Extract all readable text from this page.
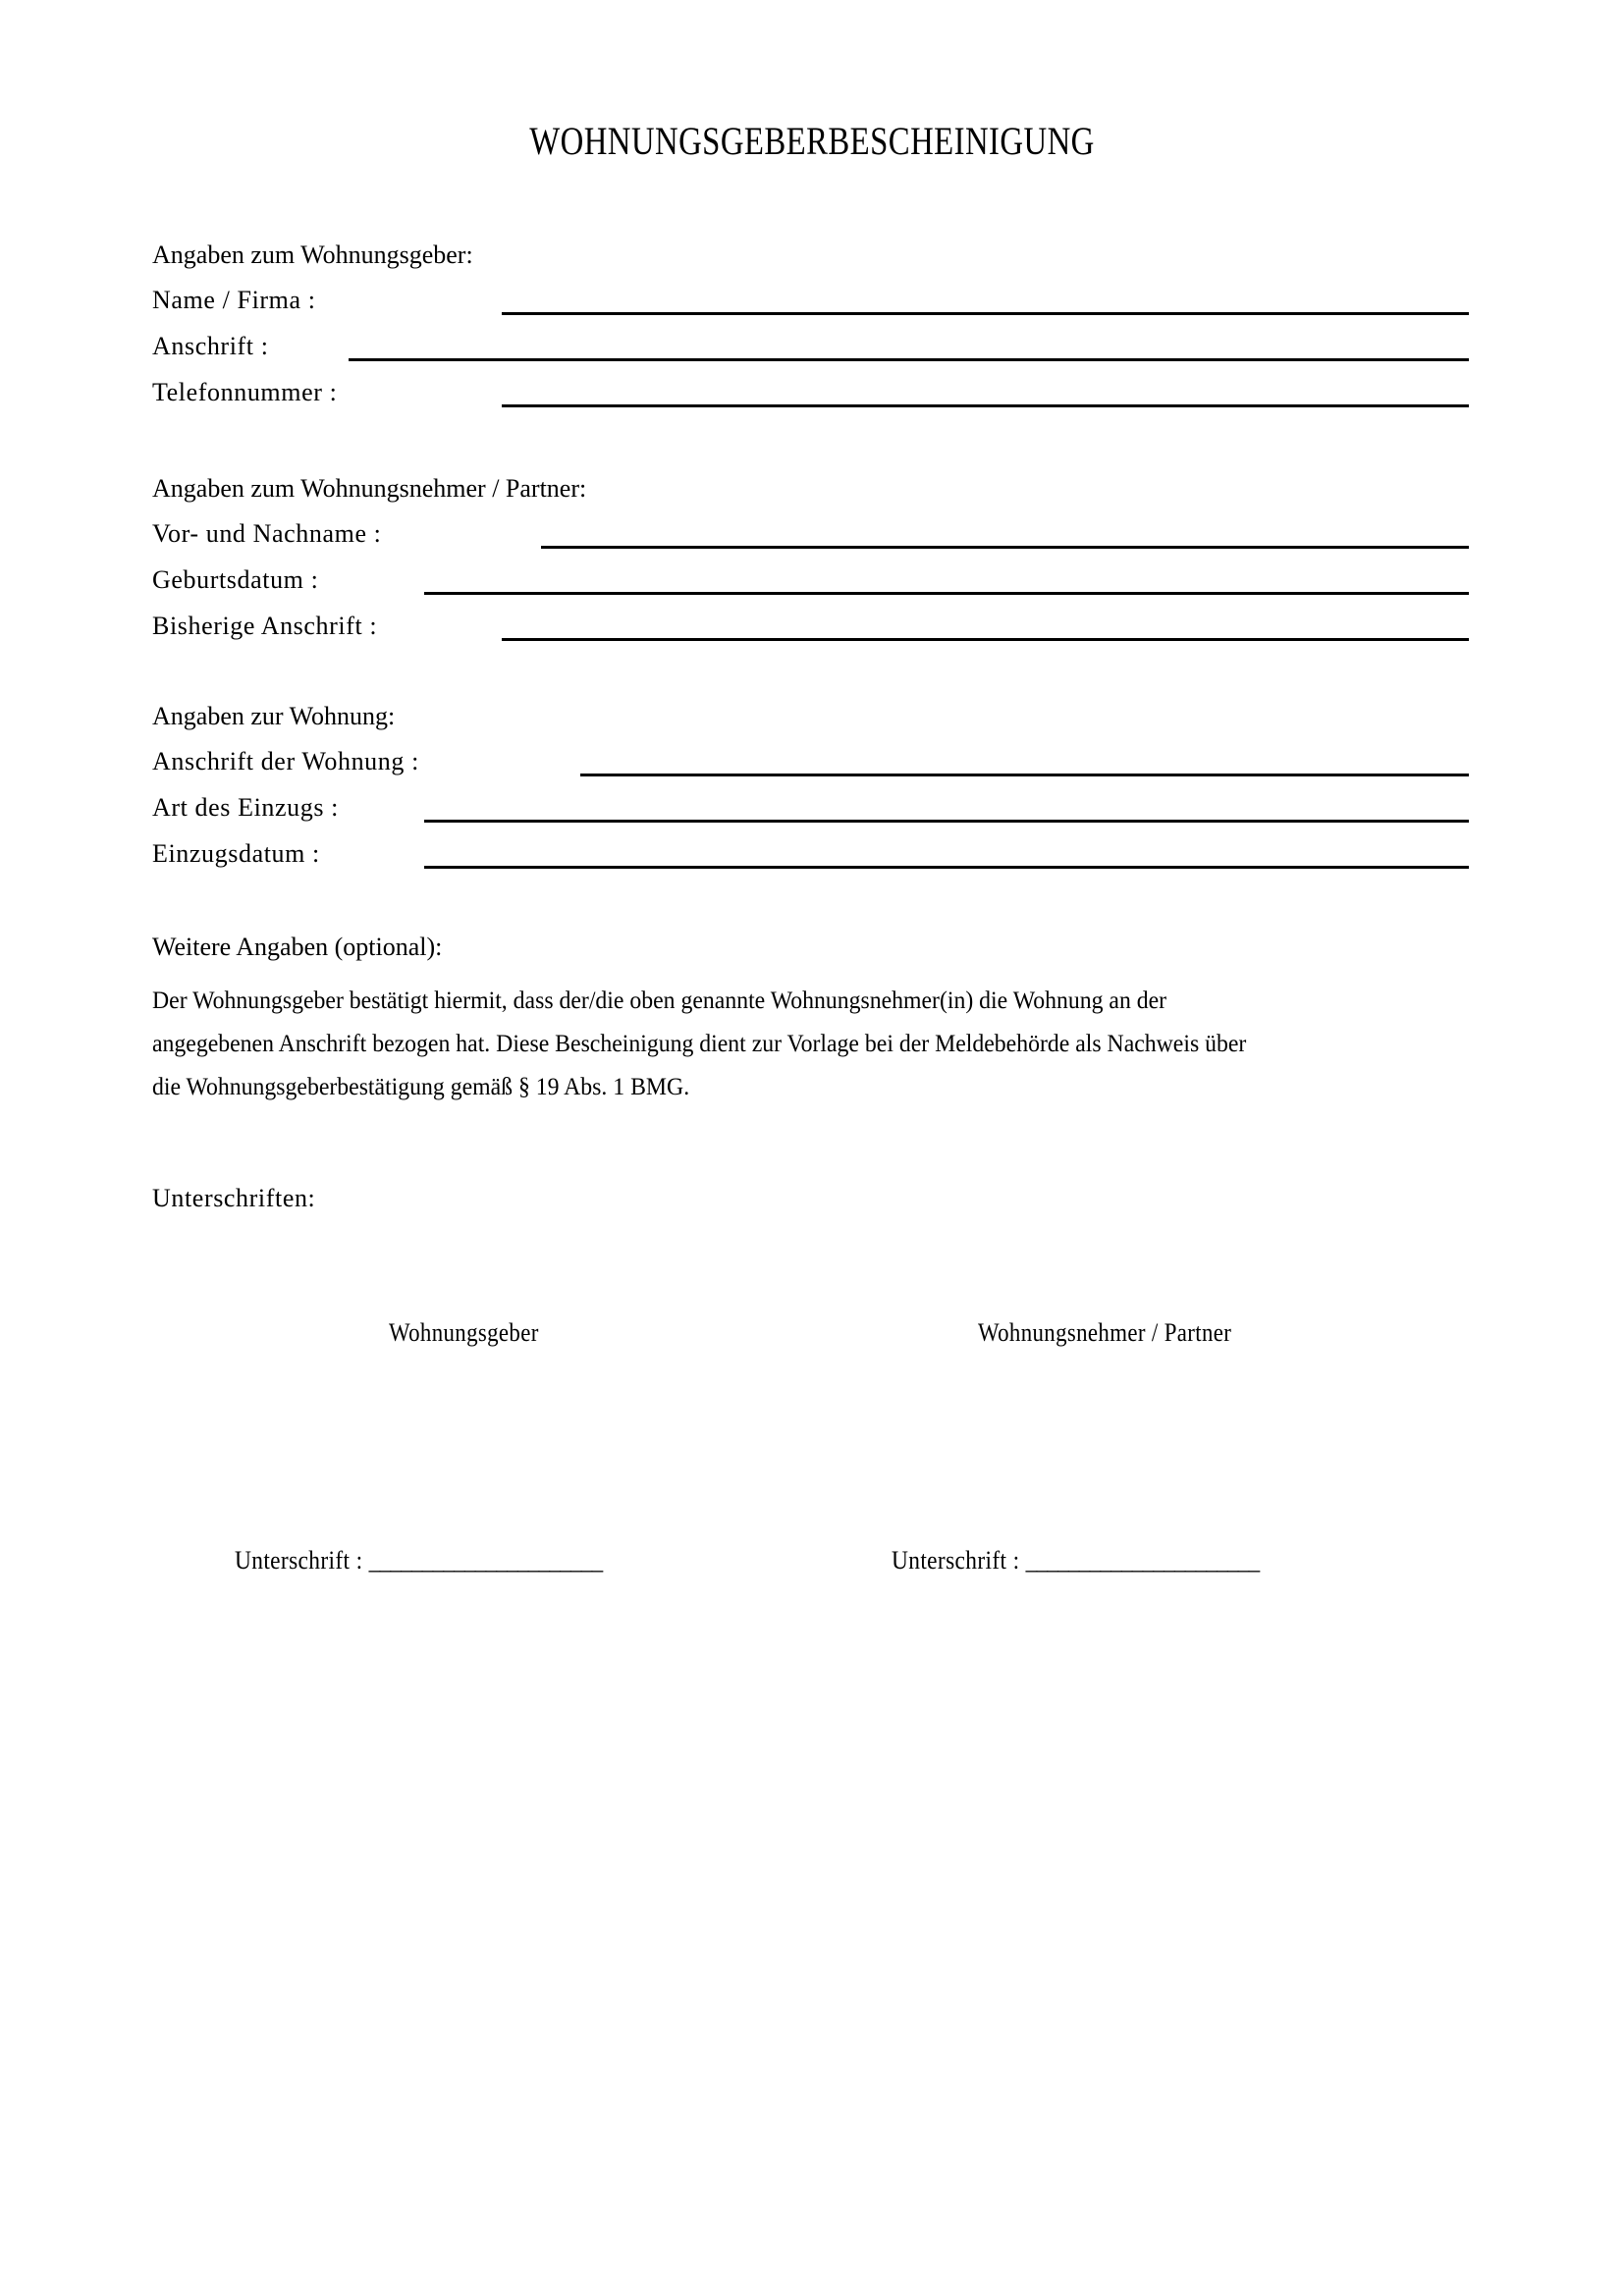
WOHNUNGSGEBERBESCHEINIGUNG
Angaben zum Wohnungsgeber:
Name / Firma :
Anschrift :
Telefonnummer :
Angaben zum Wohnungsnehmer / Partner:
Vor- und Nachname :
Geburtsdatum :
Bisherige Anschrift :
Angaben zur Wohnung:
Anschrift der Wohnung :
Art des Einzugs :
Einzugsdatum :
Weitere Angaben (optional):
Der Wohnungsgeber bestätigt hiermit, dass der/die oben genannte Wohnungsnehmer(in) die Wohnung an der
angegebenen Anschrift bezogen hat. Diese Bescheinigung dient zur Vorlage bei der Meldebehörde als Nachweis über
die Wohnungsgeberbestätigung gemäß § 19 Abs. 1 BMG.
Unterschriften:
Wohnungsgeber	Wohnungsnehmer / Partner
Unterschrift : ______________________	Unterschrift : ______________________
